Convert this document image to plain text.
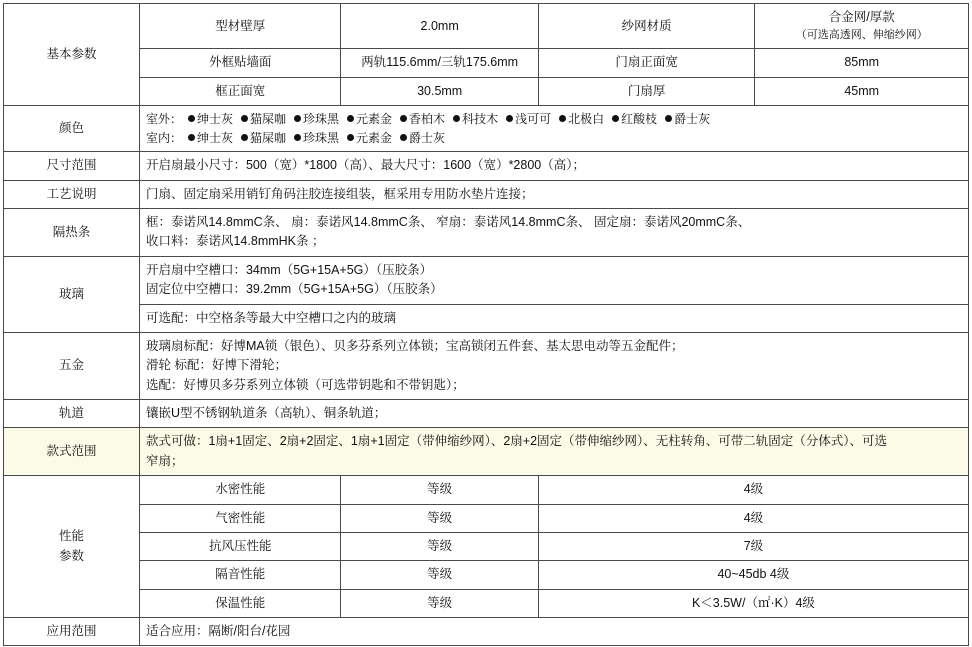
基本参数	型材壁厚	2.0mm	纱网材质	合金网/厚款
（可选高透网、伸缩纱网）

	外框贴墙面	两轨115.6mm/三轨175.6mm	门扇正面宽	85mm
	框正面宽	30.5mm	门扇厚	45mm
颜色	室外： 绅士灰 猫屎咖 珍珠黑 元素金 香柏木 科技木 浅可可 北极白 红酸枝 爵士灰
室内： 绅士灰 猫屎咖 珍珠黑 元素金 爵士灰			

尺寸范围	开启扇最小尺寸：500（宽）*1800（高）、最大尺寸：1600（宽）*2800（高）；			
工艺说明	门扇、固定扇采用销钉角码注胶连接组装，框采用专用防水垫片连接；			
隔热条	框：泰诺风14.8mmC条、 扇：泰诺风14.8mmC条、 窄扇：泰诺风14.8mmC条、 固定扇：泰诺风20mmC条、
收口料：泰诺风14.8mmHK条 ；			

玻璃	开启扇中空槽口：34mm（5G+15A+5G）（压胶条）
固定位中空槽口：39.2mm（5G+15A+5G）（压胶条）			

	可选配：中空格条等最大中空槽口之内的玻璃			
五金	玻璃扇标配：好博MA锁（银色）、贝多芬系列立体锁；宝高锁闭五件套、基太思电动等五金配件；
滑轮 标配：好博下滑轮；
选配：好博贝多芬系列立体锁（可选带钥匙和不带钥匙）；			

轨道	镶嵌U型不锈钢轨道条（高轨）、铜条轨道；			
款式范围	款式可做：1扇+1固定、2扇+2固定、1扇+1固定（带伸缩纱网）、2扇+2固定（带伸缩纱网）、无柱转角、可带二轨固定（分体式）、可选
窄扇；			

性能
参数	水密性能	等级	4级	
	气密性能	等级	4级	
	抗风压性能	等级	7级	
	隔音性能	等级	40~45db 4级	
	保温性能	等级	K＜3.5W/（㎡·K）4级	
应用范围	适合应用：隔断/阳台/花园			
